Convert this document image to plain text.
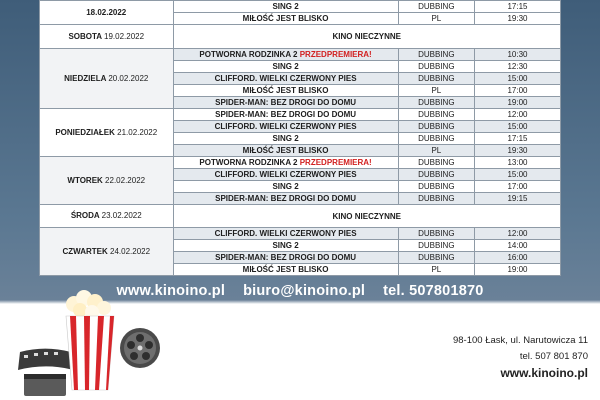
18.02.2022	SING 2	DUBBING	17:15
	MIŁOŚĆ JEST BLISKO	PL	19:30
SOBOTA 19.02.2022	KINO NIECZYNNE		
NIEDZIELA 20.02.2022	POTWORNA RODZINKA 2 PRZEDPREMIERA!	DUBBING	10:30
	SING 2	DUBBING	12:30
	CLIFFORD. WIELKI CZERWONY PIES	DUBBING	15:00
	MIŁOŚĆ JEST BLISKO	PL	17:00
	SPIDER-MAN: BEZ DROGI DO DOMU	DUBBING	19:00
PONIEDZIAŁEK 21.02.2022	SPIDER-MAN: BEZ DROGI DO DOMU	DUBBING	12:00
	CLIFFORD. WIELKI CZERWONY PIES	DUBBING	15:00
	SING 2	DUBBING	17:15
	MIŁOŚĆ JEST BLISKO	PL	19:30
WTOREK 22.02.2022	POTWORNA RODZINKA 2 PRZEDPREMIERA!	DUBBING	13:00
	CLIFFORD. WIELKI CZERWONY PIES	DUBBING	15:00
	SING 2	DUBBING	17:00
	SPIDER-MAN: BEZ DROGI DO DOMU	DUBBING	19:15
ŚRODA 23.02.2022	KINO NIECZYNNE		
CZWARTEK 24.02.2022	CLIFFORD. WIELKI CZERWONY PIES	DUBBING	12:00
	SING 2	DUBBING	14:00
	SPIDER-MAN: BEZ DROGI DO DOMU	DUBBING	16:00
	MIŁOŚĆ JEST BLISKO	PL	19:00
www.kinoino.pl biuro@kinoino.pl tel. 507801870
KASA CZYNNA GODZINĘ PRZED PIERWSZYM SEANSEM
98-100 Łask, ul. Narutowicza 11
tel. 507 801 870
www.kinoino.pl
